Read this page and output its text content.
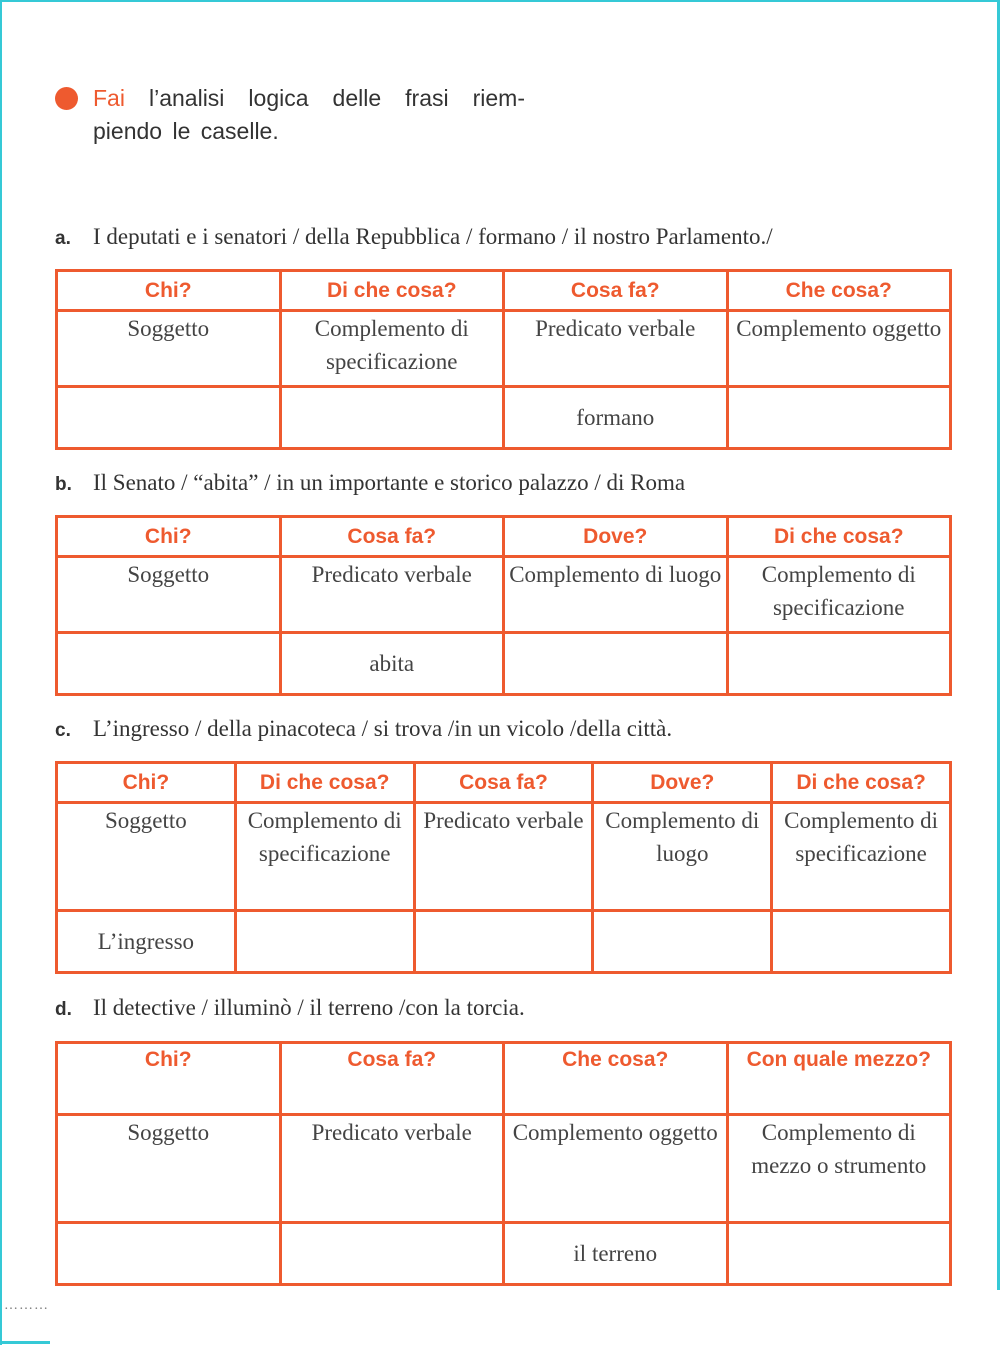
Fai l’analisi logica delle frasi riem-piendo le caselle.
a. I deputati e i senatori / della Repubblica / formano / il nostro Parlamento./
Chi?	Di che cosa?	Cosa fa?	Che cosa?
Soggetto	Complemento di specificazione	Predicato verbale	Complemento oggetto
		formano	
b. Il Senato / “abita” / in un importante e storico palazzo / di Roma
Chi?	Cosa fa?	Dove?	Di che cosa?
Soggetto	Predicato verbale	Complemento di luogo	Complemento di specificazione
	abita		
c. L’ingresso / della pinacoteca / si trova /in un vicolo /della città.
Chi?	Di che cosa?	Cosa fa?	Dove?	Di che cosa?
Soggetto	Complemento di specificazione	Predicato verbale	Complemento di luogo	Complemento di specificazione
L’ingresso				
d. Il detective / illuminò / il terreno /con la torcia.
Chi?	Cosa fa?	Che cosa?	Con quale mezzo?
Soggetto	Predicato verbale	Complemento oggetto	Complemento di mezzo o strumento
		il terreno	
………
